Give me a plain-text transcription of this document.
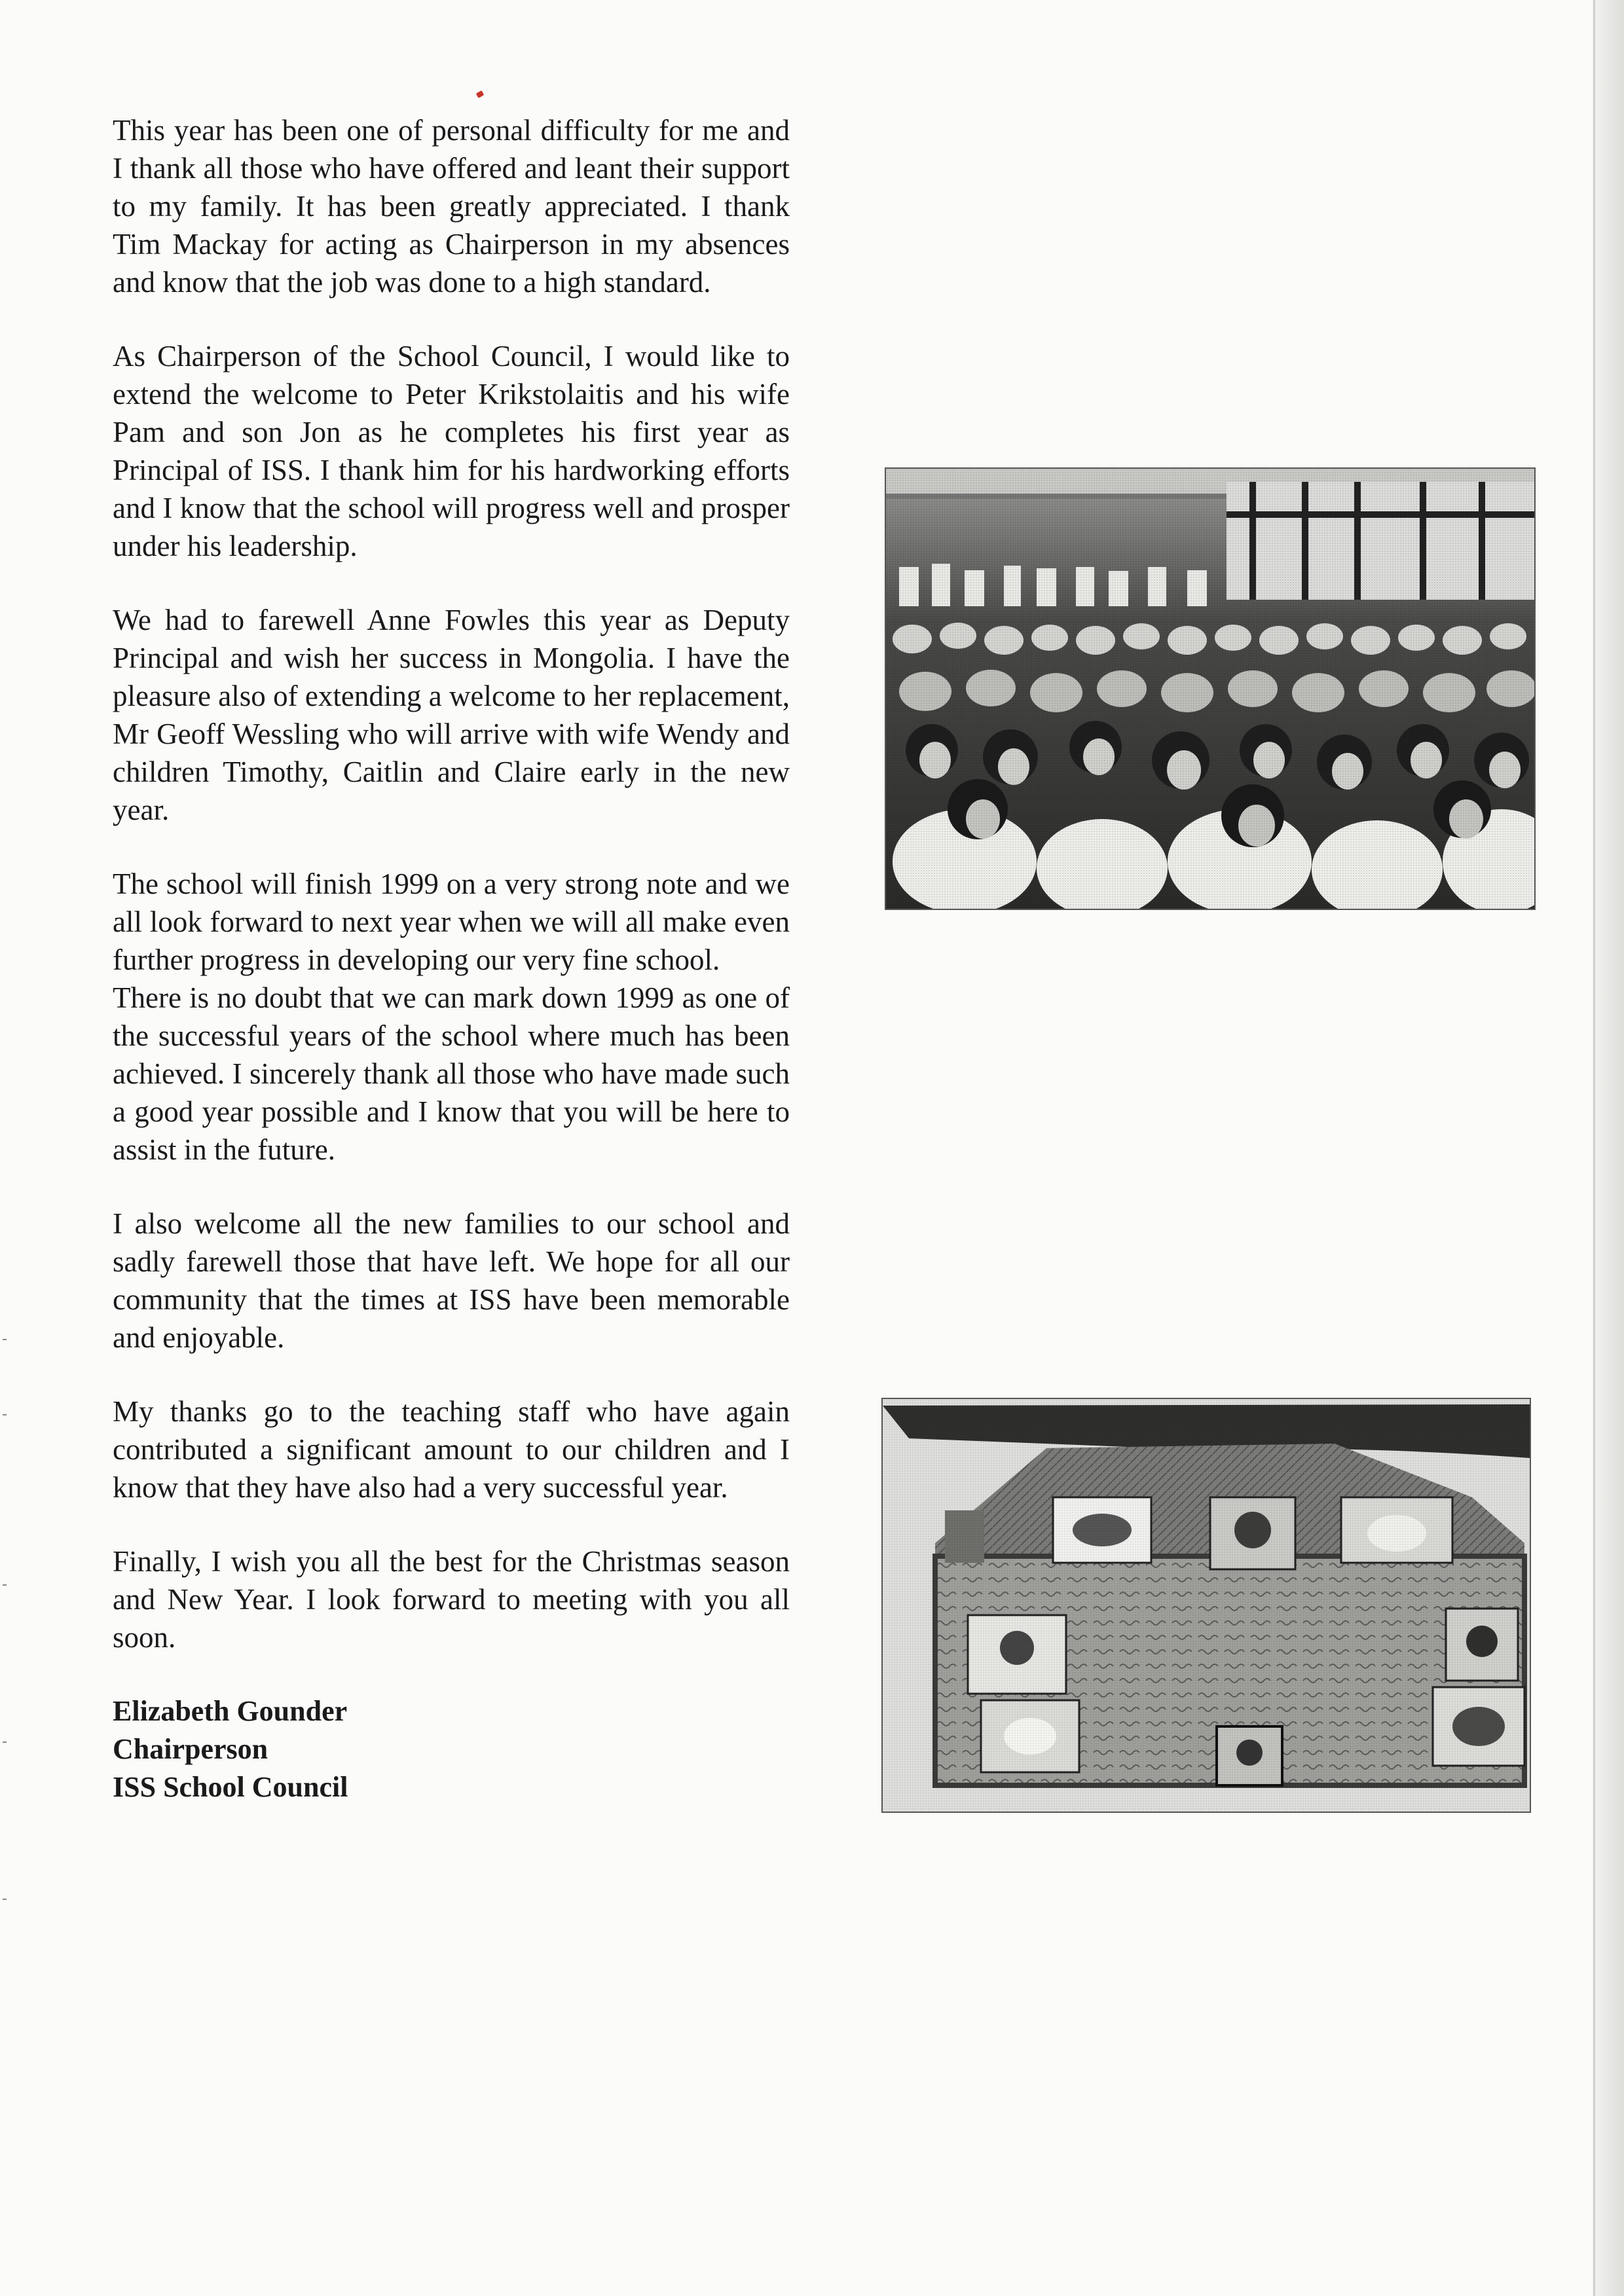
This year has been one of personal difficulty for me and I thank all those who have offered and leant their support to my family. It has been greatly appreciated. I thank Tim Mackay for acting as Chairperson in my absences and know that the job was done to a high standard.

As Chairperson of the School Council, I would like to extend the welcome to Peter Krikstolaitis and his wife Pam and son Jon as he completes his first year as Principal of ISS. I thank him for his hardworking efforts and I know that the school will progress well and prosper under his leadership.

We had to farewell Anne Fowles this year as Deputy Principal and wish her success in Mongolia. I have the pleasure also of extending a welcome to her replacement, Mr Geoff Wessling who will arrive with wife Wendy and children Timothy, Caitlin and Claire early in the new year.

The school will finish 1999 on a very strong note and we all look forward to next year when we will all make even further progress in developing our very fine school.

There is no doubt that we can mark down 1999 as one of the successful years of the school where much has been achieved. I sincerely thank all those who have made such a good year possible and I know that you will be here to assist in the future.

I also welcome all the new families to our school and sadly farewell those that have left. We hope for all our community that the times at ISS have been memorable and enjoyable.

My thanks go to the teaching staff who have again contributed a significant amount to our children and I know that they have also had a very successful year.

Finally, I wish you all the best for the Christmas season and New Year. I look forward to meeting with you all soon.

Elizabeth Gounder
Chairperson
ISS School Council
